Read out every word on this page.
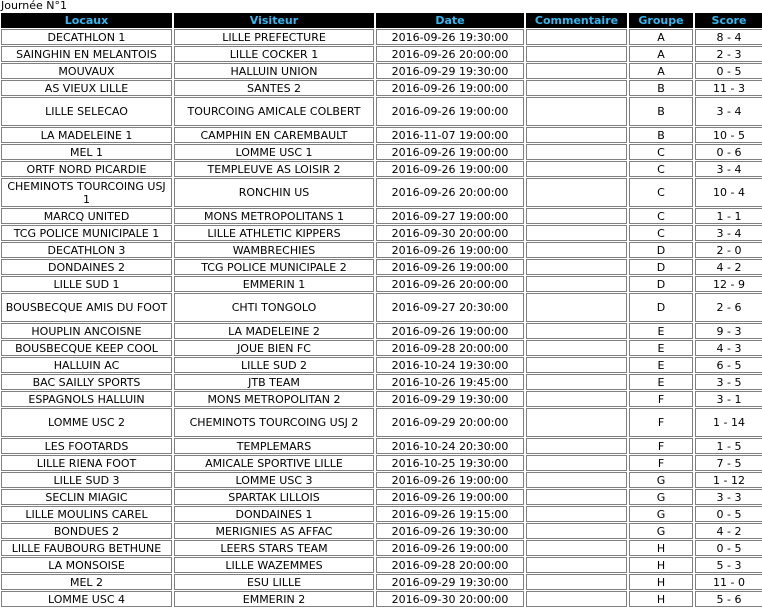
Journée N°1
Locaux	Visiteur	Date	Commentaire	Groupe	Score
DECATHLON 1	LILLE PREFECTURE	2016-09-26 19:30:00		A	8 - 4
SAINGHIN EN MELANTOIS	LILLE COCKER 1	2016-09-26 20:00:00		A	2 - 3
MOUVAUX	HALLUIN UNION	2016-09-29 19:30:00		A	0 - 5
AS VIEUX LILLE	SANTES 2	2016-09-26 19:00:00		B	11 - 3
LILLE SELECAO	TOURCOING AMICALE COLBERT	2016-09-26 19:00:00		B	3 - 4
LA MADELEINE 1	CAMPHIN EN CAREMBAULT	2016-11-07 19:00:00		B	10 - 5
MEL 1	LOMME USC 1	2016-09-26 19:00:00		C	0 - 6
ORTF NORD PICARDIE	TEMPLEUVE AS LOISIR 2	2016-09-26 19:00:00		C	3 - 4
CHEMINOTS TOURCOING USJ 1	RONCHIN US	2016-09-26 20:00:00		C	10 - 4
MARCQ UNITED	MONS METROPOLITANS 1	2016-09-27 19:00:00		C	1 - 1
TCG POLICE MUNICIPALE 1	LILLE ATHLETIC KIPPERS	2016-09-30 20:00:00		C	3 - 4
DECATHLON 3	WAMBRECHIES	2016-09-26 19:00:00		D	2 - 0
DONDAINES 2	TCG POLICE MUNICIPALE 2	2016-09-26 19:00:00		D	4 - 2
LILLE SUD 1	EMMERIN 1	2016-09-26 20:00:00		D	12 - 9
BOUSBECQUE AMIS DU FOOT	CHTI TONGOLO	2016-09-27 20:30:00		D	2 - 6
HOUPLIN ANCOISNE	LA MADELEINE 2	2016-09-26 19:00:00		E	9 - 3
BOUSBECQUE KEEP COOL	JOUE BIEN FC	2016-09-28 20:00:00		E	4 - 3
HALLUIN AC	LILLE SUD 2	2016-10-24 19:30:00		E	6 - 5
BAC SAILLY SPORTS	JTB TEAM	2016-10-26 19:45:00		E	3 - 5
ESPAGNOLS HALLUIN	MONS METROPOLITAN 2	2016-09-29 19:30:00		F	3 - 1
LOMME USC 2	CHEMINOTS TOURCOING USJ 2	2016-09-29 20:00:00		F	1 - 14
LES FOOTARDS	TEMPLEMARS	2016-10-24 20:30:00		F	1 - 5
LILLE RIENA FOOT	AMICALE SPORTIVE LILLE	2016-10-25 19:30:00		F	7 - 5
LILLE SUD 3	LOMME USC 3	2016-09-26 19:00:00		G	1 - 12
SECLIN MIAGIC	SPARTAK LILLOIS	2016-09-26 19:00:00		G	3 - 3
LILLE MOULINS CAREL	DONDAINES 1	2016-09-26 19:15:00		G	0 - 5
BONDUES 2	MERIGNIES AS AFFAC	2016-09-26 19:30:00		G	4 - 2
LILLE FAUBOURG BETHUNE	LEERS STARS TEAM	2016-09-26 19:00:00		H	0 - 5
LA MONSOISE	LILLE WAZEMMES	2016-09-28 20:00:00		H	5 - 3
MEL 2	ESU LILLE	2016-09-29 19:30:00		H	11 - 0
LOMME USC 4	EMMERIN 2	2016-09-30 20:00:00		H	5 - 6
